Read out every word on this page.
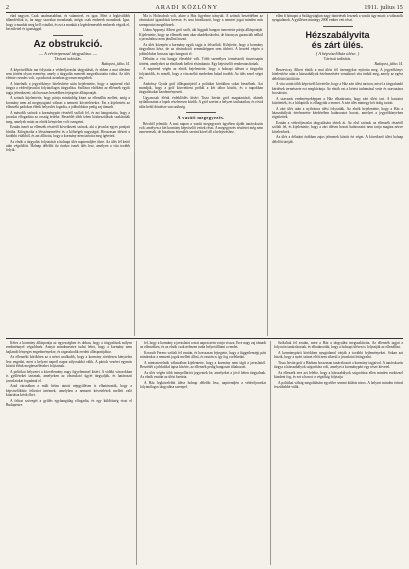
2	ARADI KÖZLÖNY	1911. julius 15

elad nagyon. Csak unalmasabban, és valamivel, ez igaz. Mert a legkiválóbb államférfiak is, ha nagy szavakat mondanak, mégis csak emberek maradnak. Igaz, hogy a munkát meg kell csinálni, és ezt a munkát a legérdemesebb emberek végzik el, becsülettel és igazsággal.

Az obstrukció.
— A vérüripenzal tárgyalása. —
Távirati tudósítás.
Budapest, július 14.

A képviselőház ma folytatta a véderőjavaslat tárgyalását, és ebben a mai ülésben sem történt olyan esemény, amely a tárgyalás menetét megváltoztatta volna. Az ülés eleinte csendes volt, a padsorok azonban gyorsan megteltek.

A házelnök a jegyzőkönyv hitelesítése után bejelentette, hogy a napirend első tárgya a véderőjavaslat folytatólagos tárgyalása. Szólásra elsőként az ellenzék egyik tagja jelentkezett, aki hosszas beszédben fejtegette álláspontját.

A szónok kijelentette, hogy pártja mindaddig kitart az ellenállás mellett, amíg a kormány nem ad megnyugtató választ a nemzeti követelésekre. Ezt a kijelentést az ellenzéki padokon élénk helyeslés fogadta, a jobboldalon pedig zaj támadt.

A második szónok a kormánypárt részéről szólalt fel, és azt hangoztatta, hogy a javaslat elfogadása az ország érdeke. Beszédét több ízben közbeszólások szakították meg, amelyek miatt az elnök kénytelen volt csengetni.

Ezután ismét az ellenzék részéről következett szónok, aki a javaslat egyes pontjait bírálta. Kifogásolta a létszámemelést és a költségek nagyságát. Hosszasan idézett a korábbi vitákból, és azt állította, hogy a kormány nem tartotta meg ígéreteit.

Az elnök a tárgyalás folytatását a holnapi ülés napirendjére tűzte. Az ülés fél kettő után végződött. Holnap délelőtt tíz órakor ismét ülés lesz, amelyen a vita tovább folyik.

Ma is Holzschuh volt, akire a Ház figyelme irányult. A szónok beszédében az obstrukció igazolását kereste, és arra hivatkozott, hogy a nemzet jogai minden más szempontot megelőznek.

Utána Apponyi Albert gróf szólt, aki higgadt hangon ismertette pártja álláspontját. Kijelentette, hogy az ellenzék nem akar akadékoskodni, de bizonyos garanciák nélkül a javaslathoz nem járulhat hozzá.

Az ülés közepén a kormány egyik tagja is felszólalt. Kifejtette, hogy a kormány tárgyalásra kész, de az obstrukciót semmiképpen sem tűrheti. A beszéd végén a jobboldalon hosszas taps hangzott el.

Délután a vita hangja élesebbé vált. Több személyes természetű összecsapás történt, amelyeket az elnöknek kellett elsimítania. Egy képviselőt rendreutasítottak.

A napirend végén az elnök bejelentette, hogy a holnapi ülésen a tárgyalás folytatódik, és reméli, hogy a vita méltó mederben halad tovább. Az ülés ezzel véget ért.

Andrássy Gyula gróf álláspontjáról a politikai körökben sokat beszélnek. Azt mondják, hogy a gróf közvetíteni próbál a két tábor között, és a napokban tárgyalásokat kezdeményezett.

Ugyancsak élénk érdeklődés kíséri Tisza István gróf magatartását, akinek nyilatkozatait a lapok részletesen közlik. A gróf szerint a helyzet tarthatatlan, és rövid időn belül döntésre van szükség.

A vasúti megegyezés.

Bécsből jelentik: A mai napon a vasúti megegyezés ügyében újabb tanácskozás volt, amelyen a két kormány képviselői vettek részt. A megegyezés részletei még nem ismeretesek, de bizalmas értesülés szerint közel áll a befejezéshez.

ellen 6 hónapot a Szilágyságban nagy tüntetések lesznek a vasúti ügy miatt; a választók nyugtalanok. A gyűlésen mintegy 2000 ember vett részt.

Hézszabályvita
és zárt ülés.
( A képviselőház ülése. )
Távirati tudósítás.
Budapest, július 14.

Berzeviczy Albert elnök a mai ülést fél tizenegykor nyitotta meg. A jegyzőkönyv hitelesítése után a házszabályok értelmezésére vonatkozó vita indult meg, amely az egész délelőttöt kitöltötte.

A vita során több képviselő követelte, hogy a Ház zárt ülést tartson, mivel a tárgyalandó kérdések természete ezt megkívánja. Az elnök ezt a kérést tudomásul vette és szavazásra bocsátotta.

A szavazás eredményeképpen a Ház elhatározta, hogy zárt ülést tart. A karzatot kiürítették, és a hírlapírók is elhagyták a termet. A zárt ülés mintegy két óráig tartott.

A zárt ülés után a nyilvános ülést folytatták. Az elnök bejelentette, hogy a Ház a házszabályok értelmezése kérdésében határozatot hozott, amelyet a jegyzőkönyvben rögzítettek.

Ezután a véderőjavaslat tárgyalására tértek át. Az első szónok az ellenzék részéről szólalt fel, és kijelentette, hogy a zárt ülésen hozott határozatot nem tartja magára nézve kötelezőnek.

Az ülés a délutáni órákban zajos jelenetek között ért véget. A következő ülést holnap délelőtt tartják.

Kétes a kormány álláspontja az egyezségben és abban, hogy a tárgyalások milyen eredménnyel végződnek. Annyit mindenesetre tudni lehet, hogy a kormány nem hajlandó lényeges engedményekre, és ragaszkodik eredeti álláspontjához.

Az ellenzéki körökben az a nézet uralkodik, hogy a kormány rövidesen kénytelen lesz engedni, mert a helyzet napról napra súlyosabbá válik. A pártok vezérei egymás között élénk megbeszéléseket folytatnak.

A politikai helyzetet a közvélemény nagy figyelemmel kíséri. A vidéki városokban is gyűléseket tartanak, amelyeken az obstrukció ügyét tárgyalják, és határozati javaslatokat fogadnak el.

Arad városában a múlt héten tartott népgyűlésen is elhatározták, hogy a képviselőkhöz feliratot intéznek, amelyben a nemzeti követelések mellett való kitartásra kérik őket.

A felirat szövegét a gyűlés egyhangúlag elfogadta, és egy küldöttség viszi el Budapestre.

fel, hogy a kormány a javaslatot a mai napon nem vonja vissza. Erre nagy zaj támadt az ellenzéken, és az elnök csak nehezen tudta helyreállítani a rendet.

Kossuth Ferenc szólalt fel ezután, és hosszasan fejtegette, hogy a függetlenségi párt mindenkor a nemzeti jogok mellett állott, és ezután is így fog cselekedni.

A miniszterelnök válaszában kijelentette, hogy a kormány nem tágít a javaslattól. Beszédét a jobboldal tapsa kísérte, az ellenzék pedig hangosan tiltakozott.

Az ülés végén több interpellációt jegyeztek be, amelyeket a jövő héten tárgyalnak. Az elnök ezután az ülést bezárta.

A Ház legközelebbi ülése holnap délelőtt lesz, napirendjén a véderőjavaslat folytatólagos tárgyalása szerepel.

Szólaltak fel ezután, mire a Ház a tárgyalást megszakította. Az ellenzék tagjai a folyosón tanácskoztak, és elhatározták, hogy a holnapi ülésen is folytatják az ellenállást.

A kormánypárti körökben nyugtalanul várják a további fejleményeket. Sokan azt hiszik, hogy a nyári szünet előtt nem sikerül a javaslatot letárgyalni.

Tisza István gróf a Házban hosszasan tanácskozott a kormány tagjaival. A tanácskozás tárgya a házszabályok szigorítása volt, amelyet a kormánypárt egy része követel.

Az ellenzék erre azt felelte, hogy a házszabályok szigorítása ellen minden eszközzel küzdeni fog, és ezt a harcot a végsőkig folytatja.

A politikai válság megoldására egyelőre semmi kilátás nincs. A helyzet minden órával feszültebbé válik.
